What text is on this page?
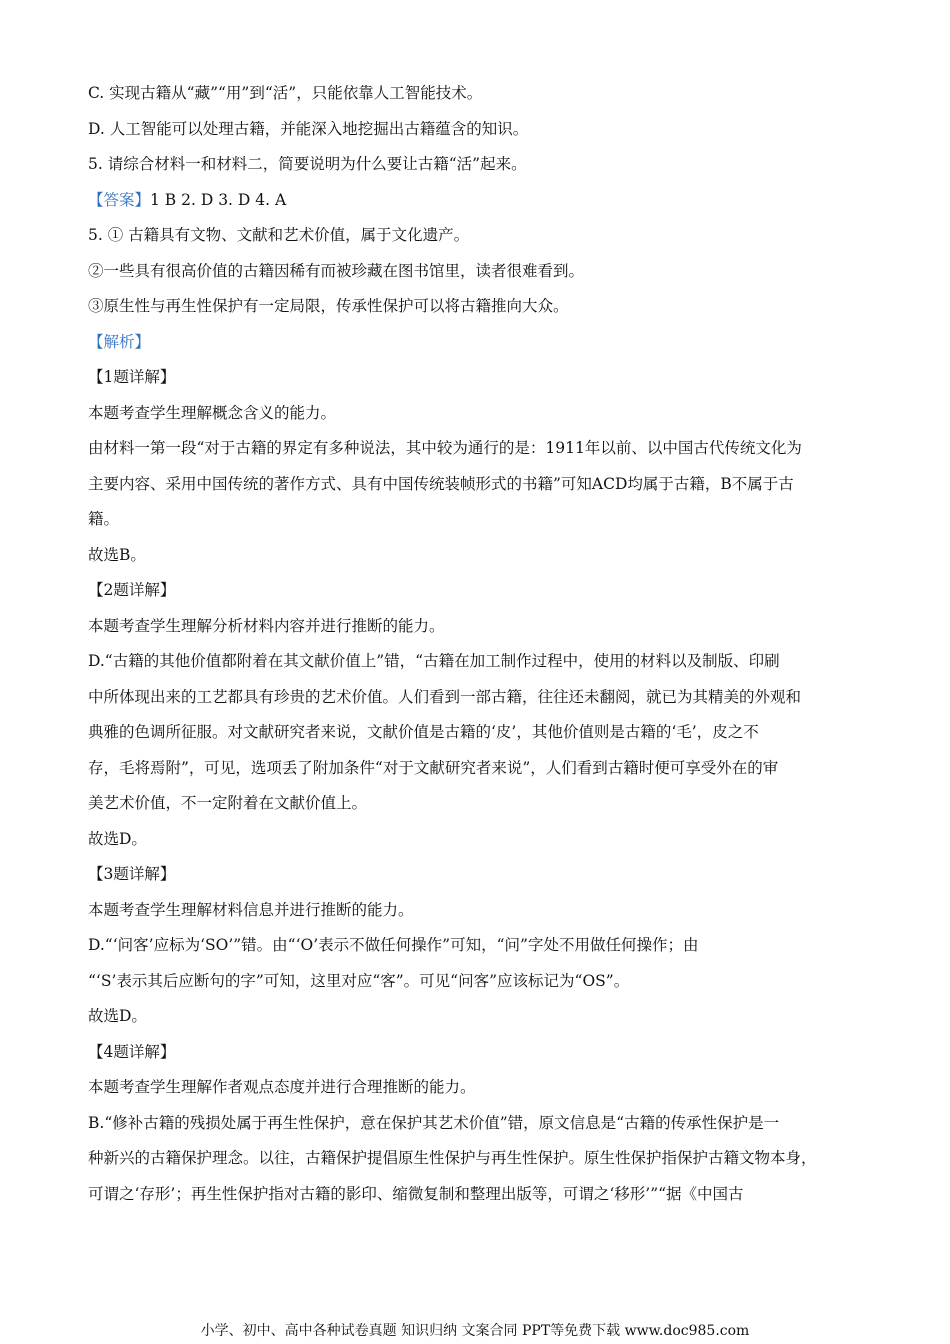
C. 实现古籍从“藏”“用”到“活”，只能依靠人工智能技术。
D. 人工智能可以处理古籍，并能深入地挖掘出古籍蕴含的知识。
5. 请综合材料一和材料二，简要说明为什么要让古籍“活”起来。
【答案】1 B 2. D 3. D 4. A
5. ① 古籍具有文物、文献和艺术价值，属于文化遗产。
②一些具有很高价值的古籍因稀有而被珍藏在图书馆里，读者很难看到。
③原生性与再生性保护有一定局限，传承性保护可以将古籍推向大众。
【解析】
【1题详解】
本题考查学生理解概念含义的能力。
由材料一第一段“对于古籍的界定有多种说法，其中较为通行的是：1911年以前、以中国古代传统文化为
主要内容、采用中国传统的著作方式、具有中国传统装帧形式的书籍”可知ACD均属于古籍，B不属于古
籍。
故选B。
【2题详解】
本题考查学生理解分析材料内容并进行推断的能力。
D.“古籍的其他价值都附着在其文献价值上”错，“古籍在加工制作过程中，使用的材料以及制版、印刷
中所体现出来的工艺都具有珍贵的艺术价值。人们看到一部古籍，往往还未翻阅，就已为其精美的外观和
典雅的色调所征服。对文献研究者来说，文献价值是古籍的‘皮’，其他价值则是古籍的‘毛’，皮之不
存，毛将焉附”，可见，选项丢了附加条件“对于文献研究者来说”，人们看到古籍时便可享受外在的审
美艺术价值，不一定附着在文献价值上。
故选D。
【3题详解】
本题考查学生理解材料信息并进行推断的能力。
D.“‘问客’应标为‘SO’”错。由“‘O’表示不做任何操作”可知，“问”字处不用做任何操作；由
“‘S’表示其后应断句的字”可知，这里对应“客”。可见“问客”应该标记为“OS”。
故选D。
【4题详解】
本题考查学生理解作者观点态度并进行合理推断的能力。
B.“修补古籍的残损处属于再生性保护，意在保护其艺术价值”错，原文信息是“古籍的传承性保护是一
种新兴的古籍保护理念。以往，古籍保护提倡原生性保护与再生性保护。原生性保护指保护古籍文物本身，
可谓之‘存形’；再生性保护指对古籍的影印、缩微复制和整理出版等，可谓之‘移形’”“据《中国古
小学、初中、高中各种试卷真题 知识归纳 文案合同 PPT等免费下载 www.doc985.com
